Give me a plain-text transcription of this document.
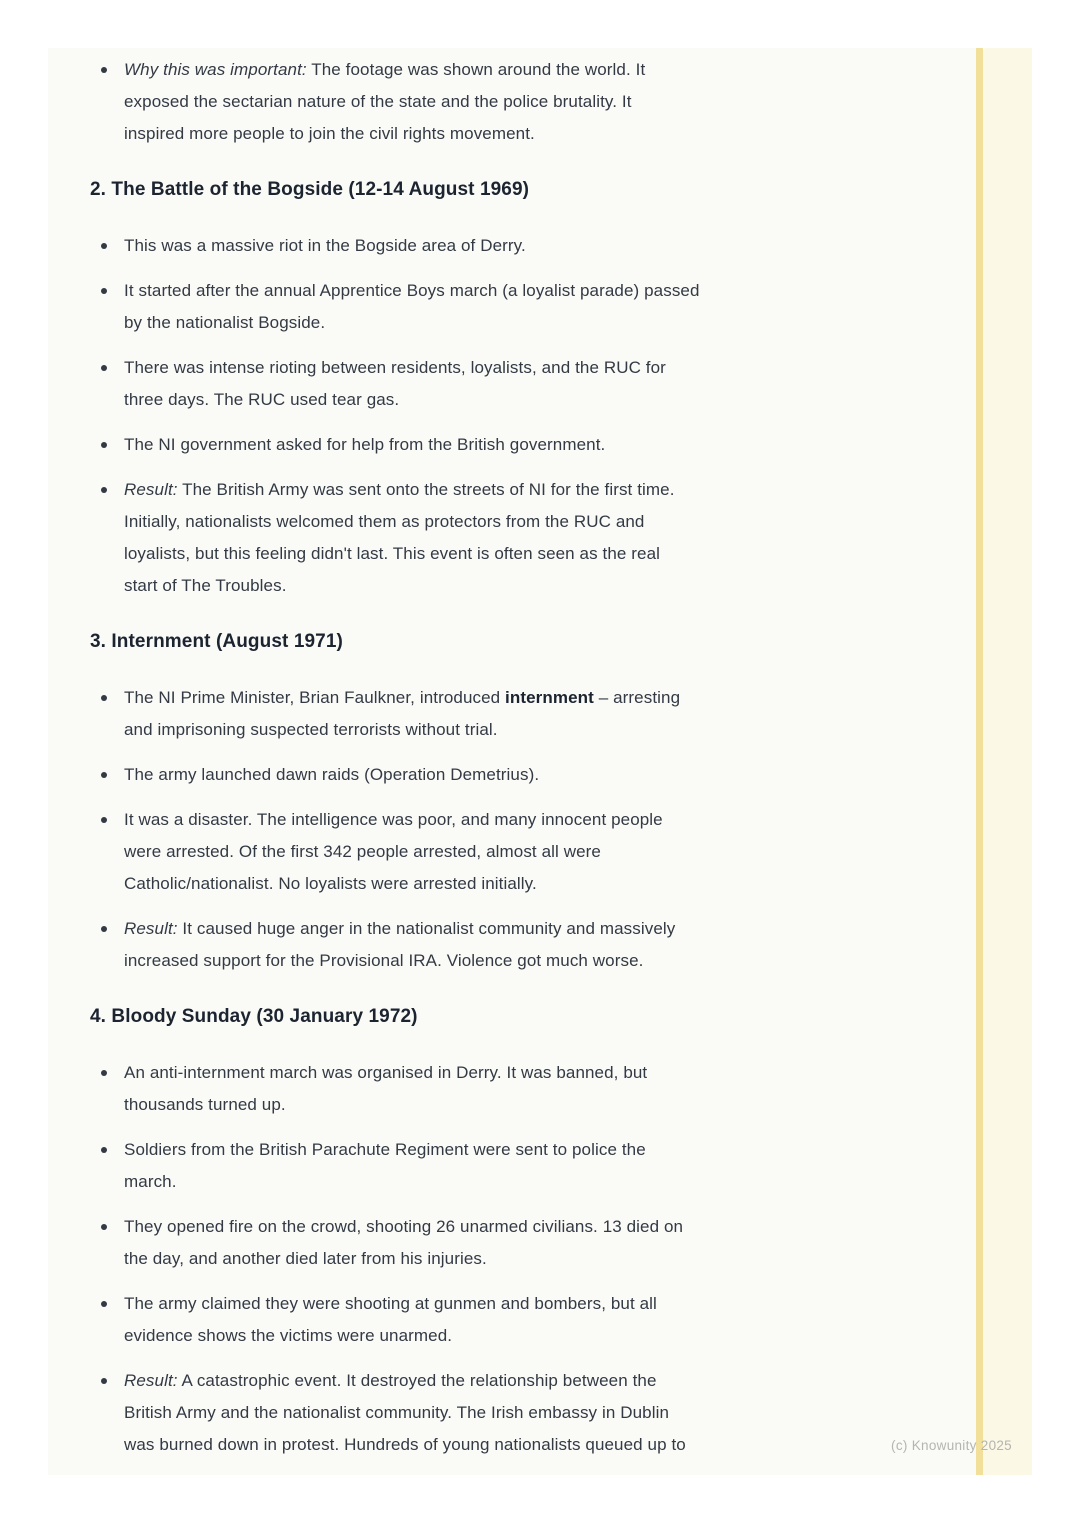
Why this was important: The footage was shown around the world. It
exposed the sectarian nature of the state and the police brutality. It
inspired more people to join the civil rights movement.
2. The Battle of the Bogside (12-14 August 1969)
This was a massive riot in the Bogside area of Derry.
It started after the annual Apprentice Boys march (a loyalist parade) passed
by the nationalist Bogside.
There was intense rioting between residents, loyalists, and the RUC for
three days. The RUC used tear gas.
The NI government asked for help from the British government.
Result: The British Army was sent onto the streets of NI for the first time.
Initially, nationalists welcomed them as protectors from the RUC and
loyalists, but this feeling didn't last. This event is often seen as the real
start of The Troubles.
3. Internment (August 1971)
The NI Prime Minister, Brian Faulkner, introduced internment – arresting
and imprisoning suspected terrorists without trial.
The army launched dawn raids (Operation Demetrius).
It was a disaster. The intelligence was poor, and many innocent people
were arrested. Of the first 342 people arrested, almost all were
Catholic/nationalist. No loyalists were arrested initially.
Result: It caused huge anger in the nationalist community and massively
increased support for the Provisional IRA. Violence got much worse.
4. Bloody Sunday (30 January 1972)
An anti-internment march was organised in Derry. It was banned, but
thousands turned up.
Soldiers from the British Parachute Regiment were sent to police the
march.
They opened fire on the crowd, shooting 26 unarmed civilians. 13 died on
the day, and another died later from his injuries.
The army claimed they were shooting at gunmen and bombers, but all
evidence shows the victims were unarmed.
Result: A catastrophic event. It destroyed the relationship between the
British Army and the nationalist community. The Irish embassy in Dublin
was burned down in protest. Hundreds of young nationalists queued up to	(c) Knowunity 2025
